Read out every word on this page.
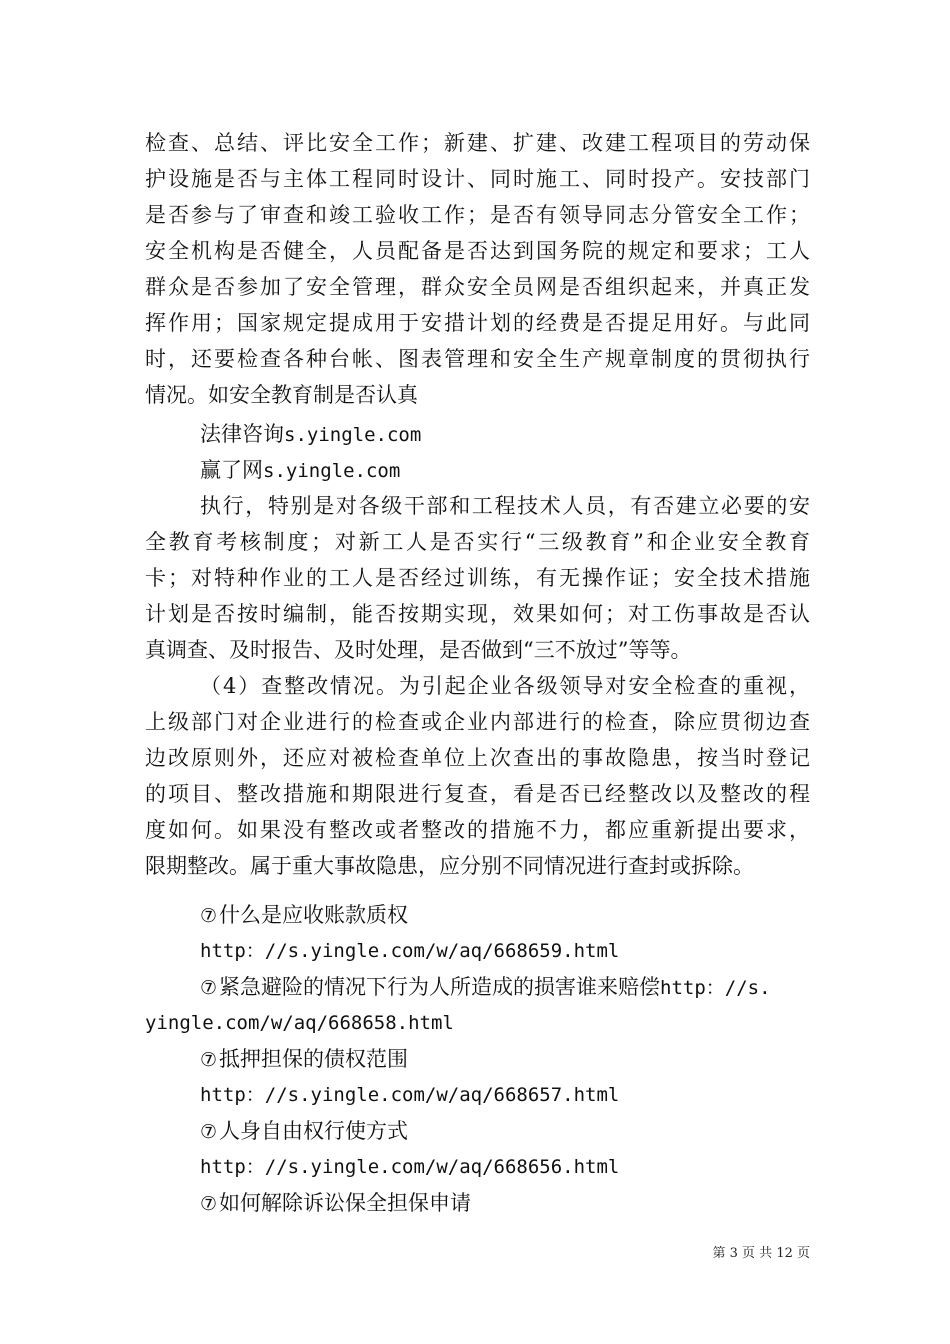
检查、总结、评比安全工作；新建、扩建、改建工程项目的劳动保
护设施是否与主体工程同时设计、同时施工、同时投产。安技部门
是否参与了审查和竣工验收工作；是否有领导同志分管安全工作；
安全机构是否健全，人员配备是否达到国务院的规定和要求；工人
群众是否参加了安全管理，群众安全员网是否组织起来，并真正发
挥作用；国家规定提成用于安措计划的经费是否提足用好。与此同
时，还要检查各种台帐、图表管理和安全生产规章制度的贯彻执行
情况。如安全教育制是否认真
法律咨询s.yingle.com
赢了网s.yingle.com
执行，特别是对各级干部和工程技术人员，有否建立必要的安
全教育考核制度；对新工人是否实行“三级教育”和企业安全教育
卡；对特种作业的工人是否经过训练，有无操作证；安全技术措施
计划是否按时编制，能否按期实现，效果如何；对工伤事故是否认
真调查、及时报告、及时处理，是否做到“三不放过”等等。
（4）查整改情况。为引起企业各级领导对安全检查的重视，
上级部门对企业进行的检查或企业内部进行的检查，除应贯彻边查
边改原则外，还应对被检查单位上次查出的事故隐患，按当时登记
的项目、整改措施和期限进行复查，看是否已经整改以及整改的程
度如何。如果没有整改或者整改的措施不力，都应重新提出要求，
限期整改。属于重大事故隐患，应分别不同情况进行查封或拆除。
⑦什么是应收账款质权
http：//s.yingle.com/w/aq/668659.html
⑦紧急避险的情况下行为人所造成的损害谁来赔偿http：//s.
yingle.com/w/aq/668658.html
⑦抵押担保的债权范围
http：//s.yingle.com/w/aq/668657.html
⑦人身自由权行使方式
http：//s.yingle.com/w/aq/668656.html
⑦如何解除诉讼保全担保申请
第 3 页 共 12 页
